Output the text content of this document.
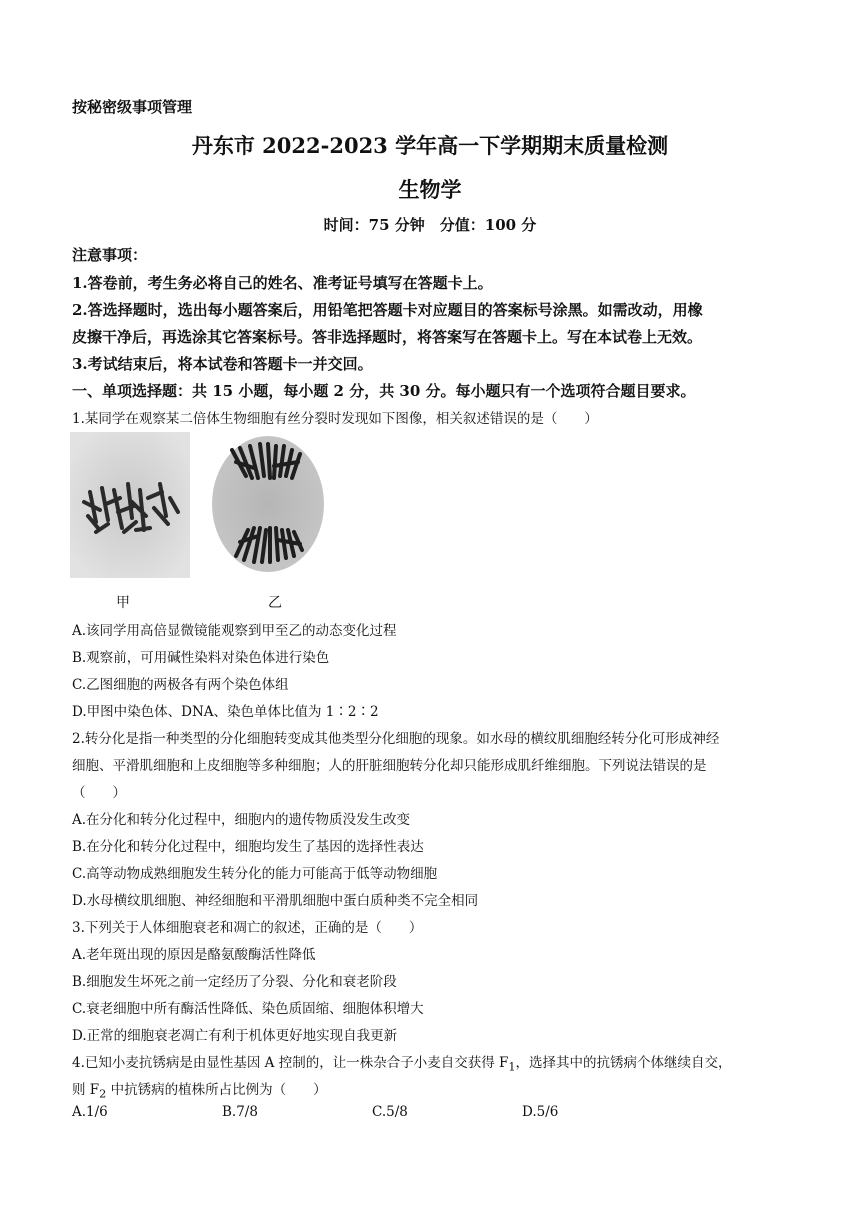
按秘密级事项管理
丹东市 2022-2023 学年高一下学期期末质量检测
生物学
时间：75 分钟　分值：100 分
注意事项：
1.答卷前，考生务必将自己的姓名、准考证号填写在答题卡上。
2.答选择题时，选出每小题答案后，用铅笔把答题卡对应题目的答案标号涂黑。如需改动，用橡
皮擦干净后，再选涂其它答案标号。答非选择题时，将答案写在答题卡上。写在本试卷上无效。
3.考试结束后，将本试卷和答题卡一并交回。
一、单项选择题：共 15 小题，每小题 2 分，共 30 分。每小题只有一个选项符合题目要求。
1.某同学在观察某二倍体生物细胞有丝分裂时发现如下图像，相关叙述错误的是（　　）
甲	乙
A.该同学用高倍显微镜能观察到甲至乙的动态变化过程
B.观察前，可用碱性染料对染色体进行染色
C.乙图细胞的两极各有两个染色体组
D.甲图中染色体、DNA、染色单体比值为 1∶2∶2
2.转分化是指一种类型的分化细胞转变成其他类型分化细胞的现象。如水母的横纹肌细胞经转分化可形成神经
细胞、平滑肌细胞和上皮细胞等多种细胞；人的肝脏细胞转分化却只能形成肌纤维细胞。下列说法错误的是
（　　）
A.在分化和转分化过程中，细胞内的遗传物质没发生改变
B.在分化和转分化过程中，细胞均发生了基因的选择性表达
C.高等动物成熟细胞发生转分化的能力可能高于低等动物细胞
D.水母横纹肌细胞、神经细胞和平滑肌细胞中蛋白质种类不完全相同
3.下列关于人体细胞衰老和凋亡的叙述，正确的是（　　）
A.老年斑出现的原因是酪氨酸酶活性降低
B.细胞发生坏死之前一定经历了分裂、分化和衰老阶段
C.衰老细胞中所有酶活性降低、染色质固缩、细胞体积增大
D.正常的细胞衰老凋亡有利于机体更好地实现自我更新
4.已知小麦抗锈病是由显性基因 A 控制的，让一株杂合子小麦自交获得 $F_1$，选择其中的抗锈病个体继续自交，
则 $F_2$ 中抗锈病的植株所占比例为（　　）
A.1/6	B.7/8	C.5/8	D.5/6
